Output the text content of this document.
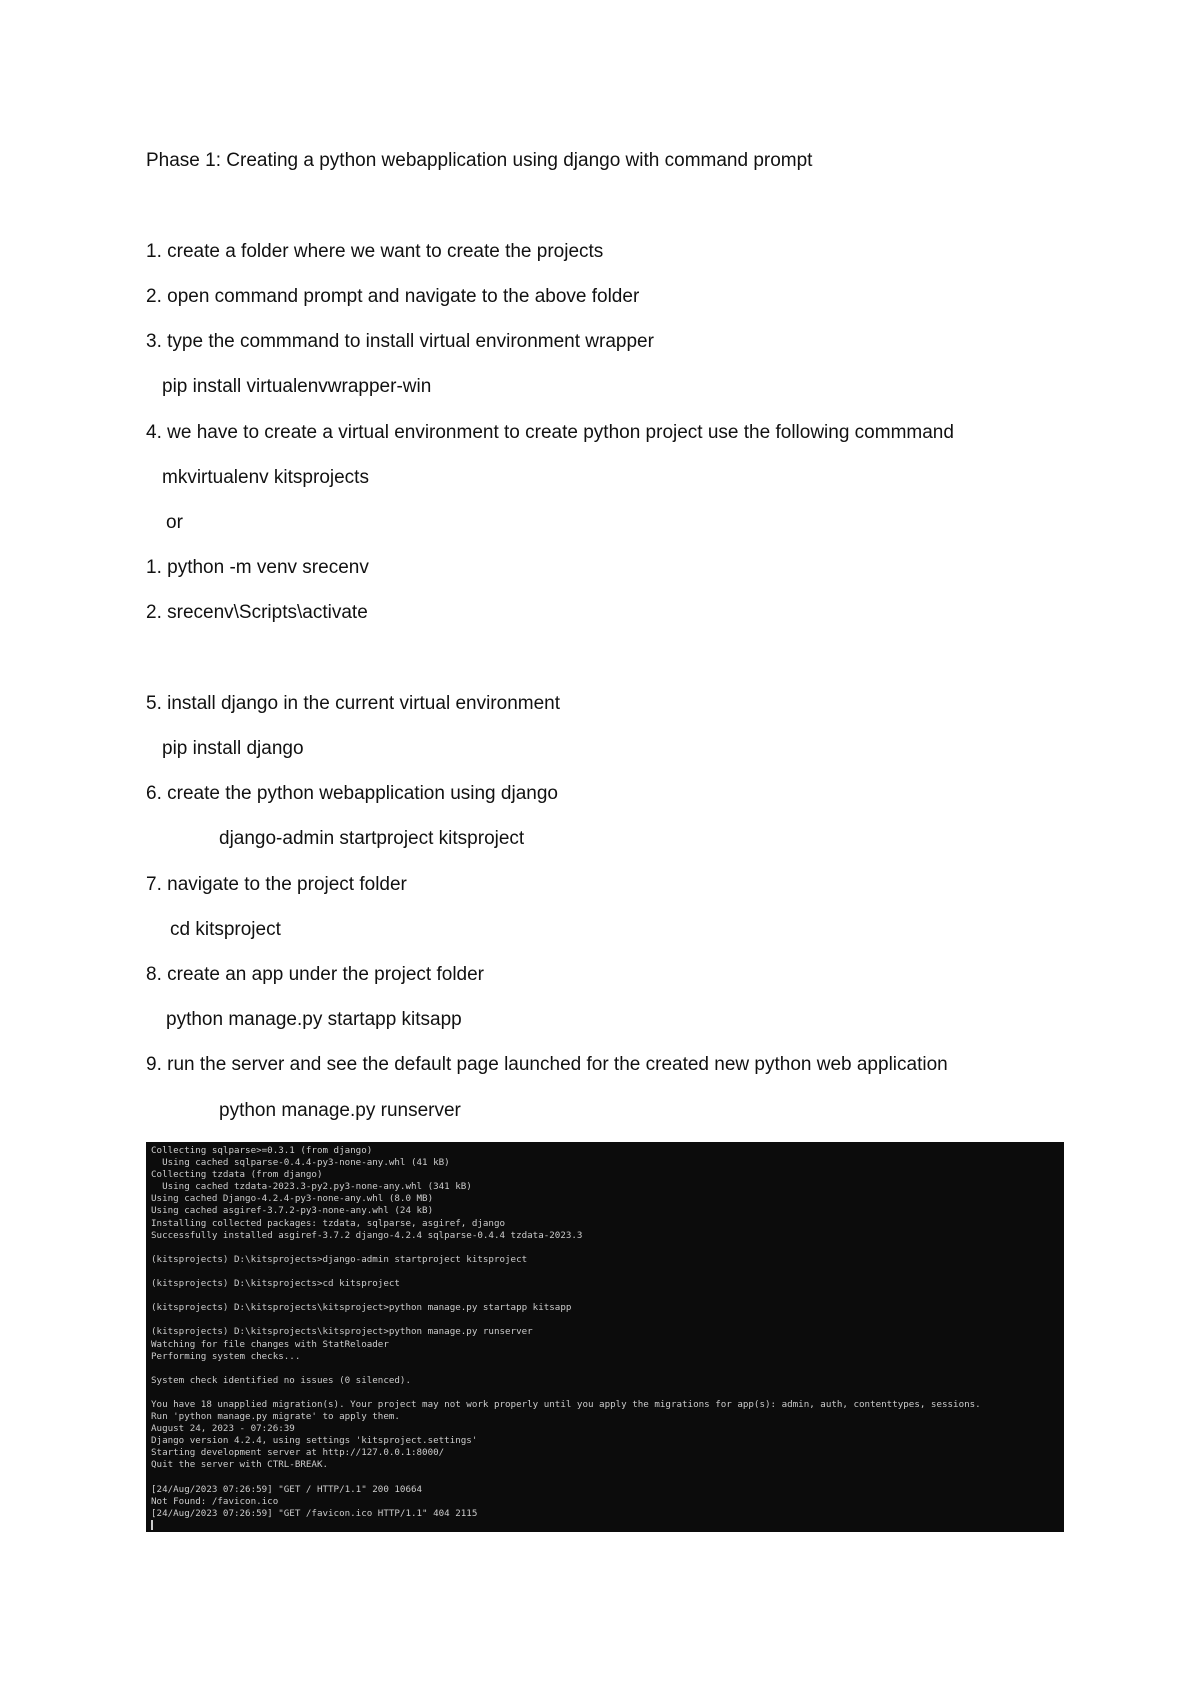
Phase 1: Creating a python webapplication using django with command prompt

1. create a folder where we want to create the projects

2. open command prompt and navigate to the above folder

3. type the commmand to install virtual environment wrapper

pip install virtualenvwrapper-win

4. we have to create a virtual environment to create python project use the following commmand

mkvirtualenv kitsprojects

or

1. python -m venv srecenv

2. srecenv\Scripts\activate

5. install django in the current virtual environment

pip install django

6. create the python webapplication using django

django-admin startproject kitsproject

7. navigate to the project folder

cd kitsproject

8. create an app under the project folder

python manage.py startapp kitsapp

9. run the server and see the default page launched for the created new python web application

python manage.py runserver

Collecting sqlparse>=0.3.1 (from django)

Using cached sqlparse-0.4.4-py3-none-any.whl (41 kB)

Collecting tzdata (from django)

Using cached tzdata-2023.3-py2.py3-none-any.whl (341 kB)

Using cached Django-4.2.4-py3-none-any.whl (8.0 MB)

Using cached asgiref-3.7.2-py3-none-any.whl (24 kB)

Installing collected packages: tzdata, sqlparse, asgiref, django

Successfully installed asgiref-3.7.2 django-4.2.4 sqlparse-0.4.4 tzdata-2023.3

(kitsprojects) D:\kitsprojects>django-admin startproject kitsproject

(kitsprojects) D:\kitsprojects>cd kitsproject

(kitsprojects) D:\kitsprojects\kitsproject>python manage.py startapp kitsapp

(kitsprojects) D:\kitsprojects\kitsproject>python manage.py runserver

Watching for file changes with StatReloader

Performing system checks...

System check identified no issues (0 silenced).

You have 18 unapplied migration(s). Your project may not work properly until you apply the migrations for app(s): admin, auth, contenttypes, sessions.

Run 'python manage.py migrate' to apply them.

August 24, 2023 - 07:26:39

Django version 4.2.4, using settings 'kitsproject.settings'

Starting development server at http://127.0.0.1:8000/

Quit the server with CTRL-BREAK.

[24/Aug/2023 07:26:59] "GET / HTTP/1.1" 200 10664

Not Found: /favicon.ico

[24/Aug/2023 07:26:59] "GET /favicon.ico HTTP/1.1" 404 2115
